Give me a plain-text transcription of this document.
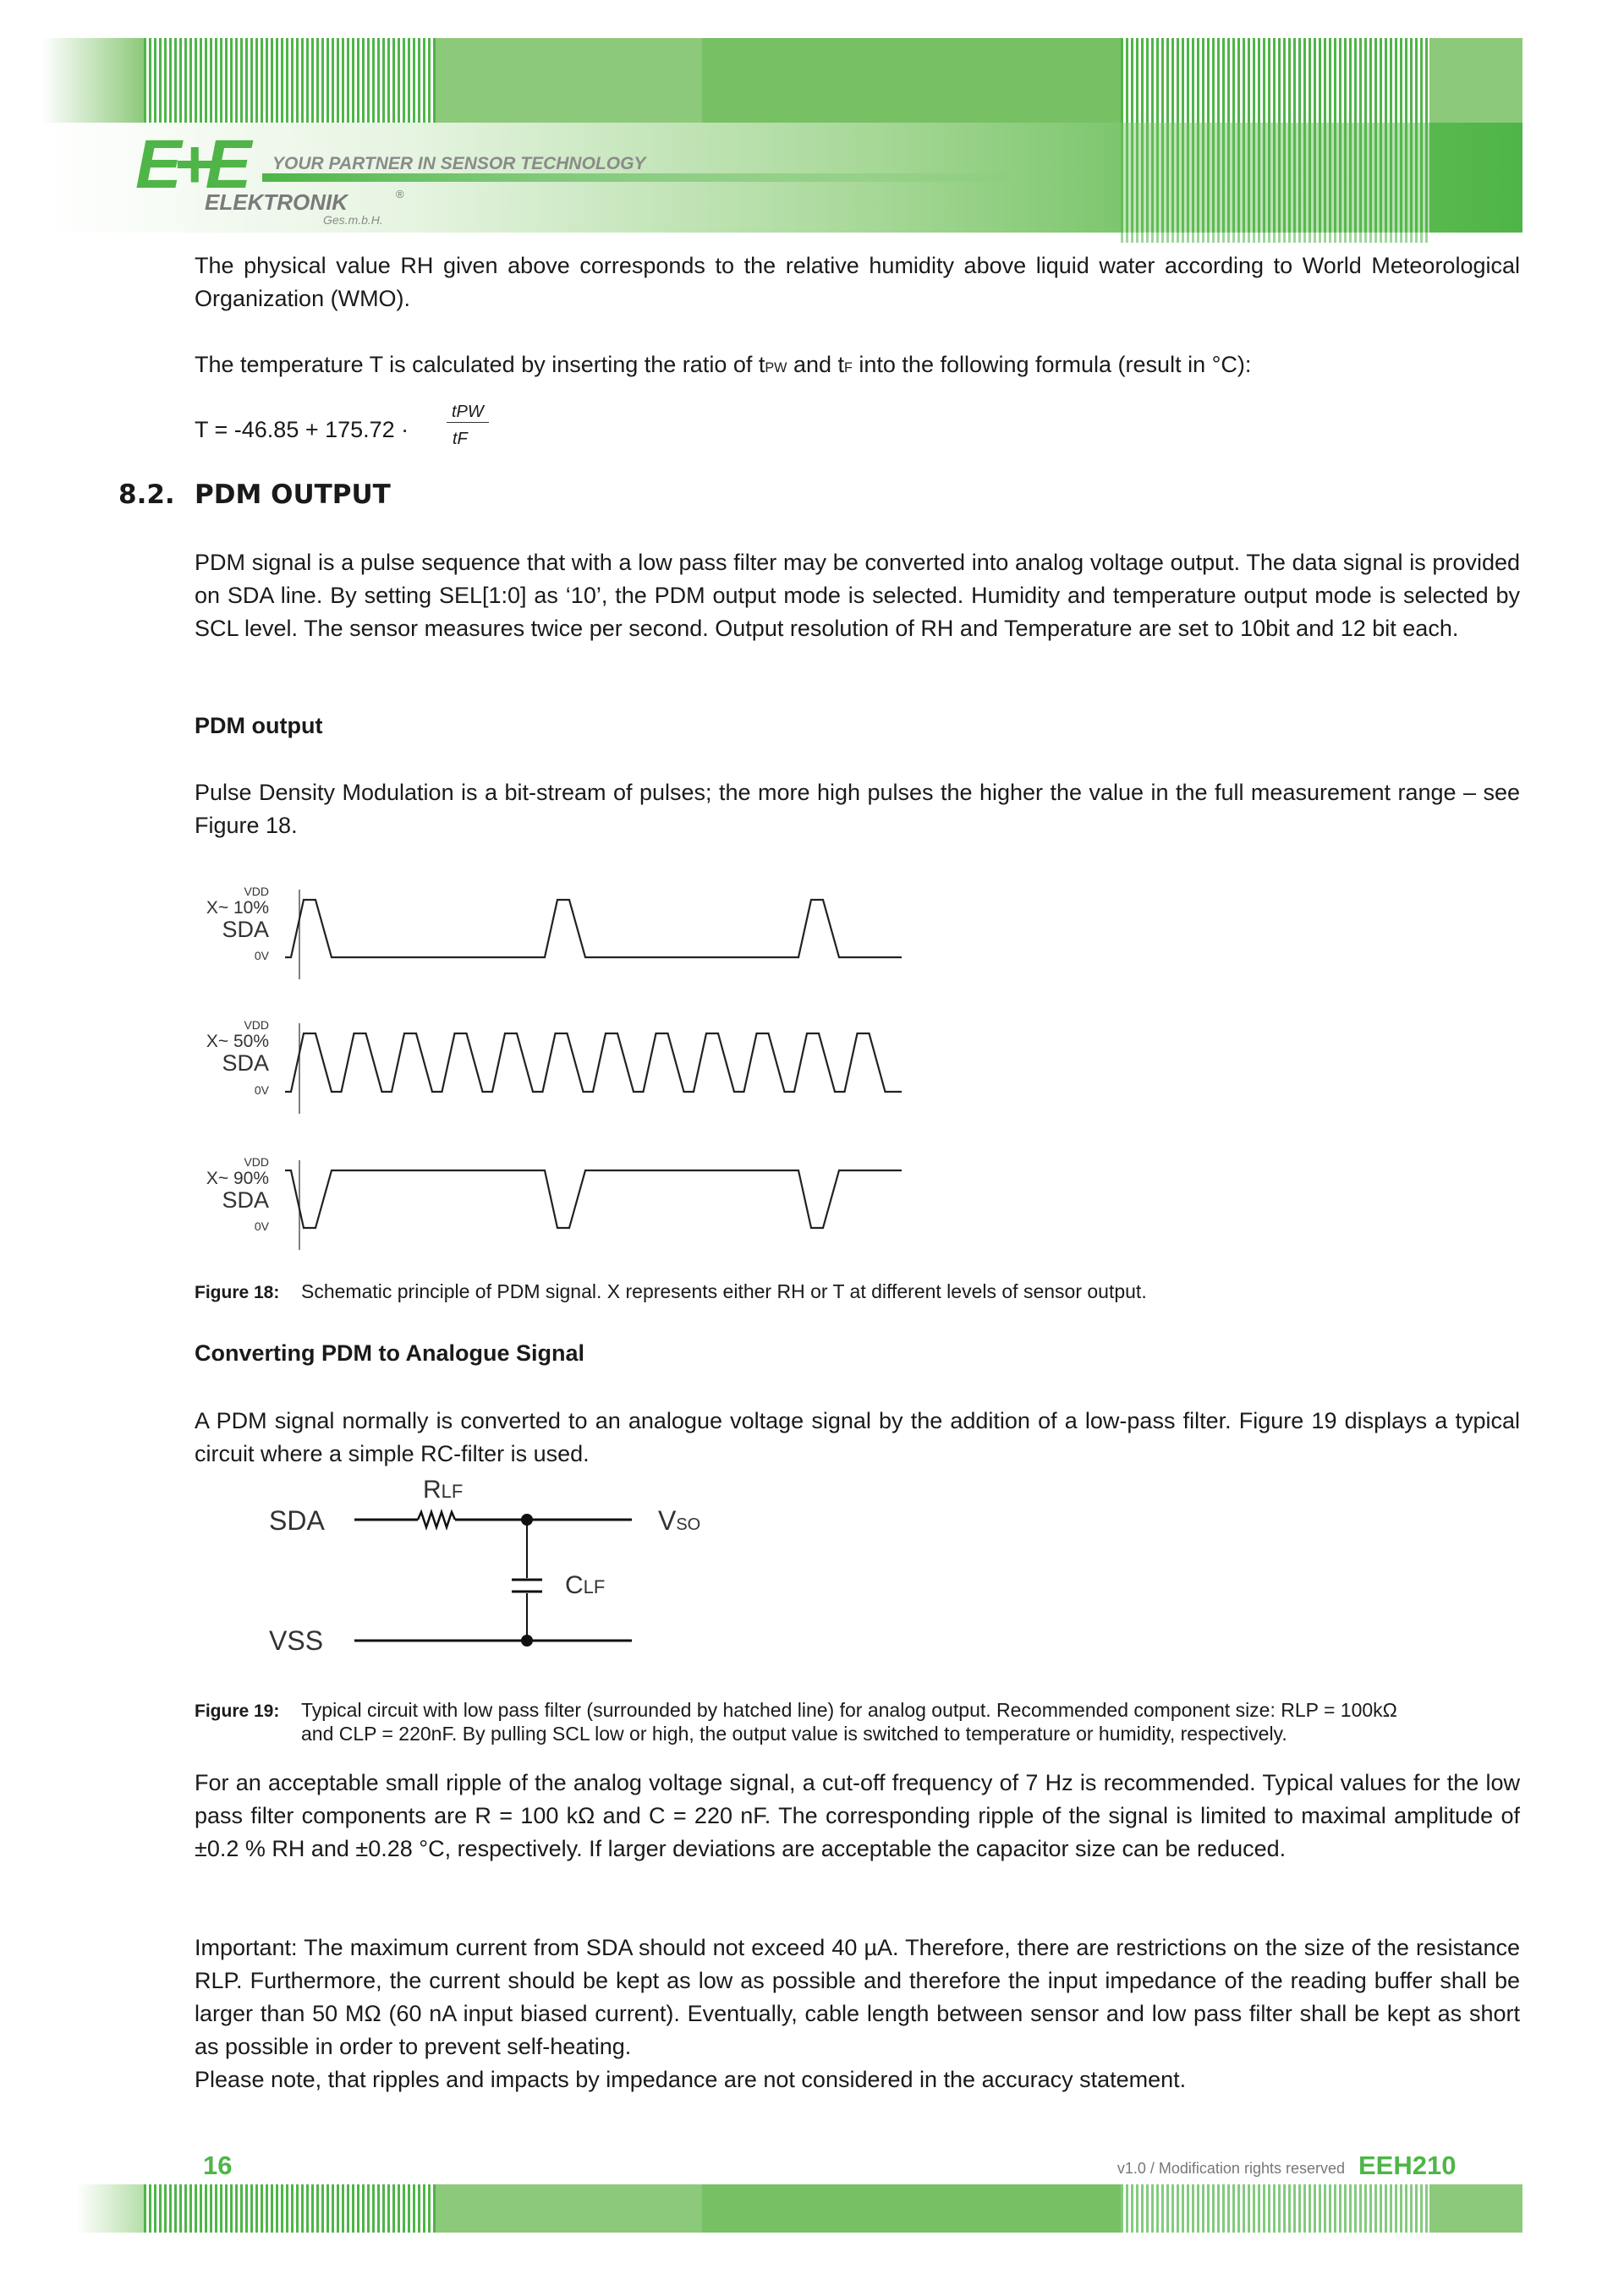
E+E YOUR PARTNER IN SENSOR TECHNOLOGY
ELEKTRONIK	®
Ges.m.b.H.

The physical value RH given above corresponds to the relative humidity above liquid water according to World Meteorological Organization (WMO).

The temperature T is calculated by inserting the ratio of tPW and tF into the following formula (result in °C):

T = -46.85 + 175.72 ·
tPW
tF
8.2. PDM OUTPUT

PDM signal is a pulse sequence that with a low pass filter may be converted into analog voltage output. The data signal is provided on SDA line. By setting SEL[1:0] as ‘10’, the PDM output mode is selected. Humidity and temperature output mode is selected by SCL level. The sensor measures twice per second. Output resolution of RH and Temperature are set to 10bit and 12 bit each.

PDM output

Pulse Density Modulation is a bit-stream of pulses; the more high pulses the higher the value in the full measurement range – see Figure 18.

VDD
X~ 10%
SDA
0V
VDD
X~ 50%
SDA
0V
VDD
X~ 90%
SDA
0V
Figure 18: Schematic principle of PDM signal. X represents either RH or T at different levels of sensor output.
Converting PDM to Analogue Signal

A PDM signal normally is converted to an analogue voltage signal by the addition of a low-pass filter. Figure 19 displays a typical circuit where a simple RC-filter is used.

SDA
VSS
RLF
CLF
VSO
Figure 19: Typical circuit with low pass filter (surrounded by hatched line) for analog output. Recommended component size: RLP = 100kΩ
and CLP = 220nF. By pulling SCL low or high, the output value is switched to temperature or humidity, respectively.

For an acceptable small ripple of the analog voltage signal, a cut-off frequency of 7 Hz is recommended. Typical values for the low pass filter components are R = 100 kΩ and C = 220 nF. The corresponding ripple of the signal is limited to maximal amplitude of ±0.2 % RH and ±0.28 °C, respectively. If larger deviations are acceptable the capacitor size can be reduced.

Important: The maximum current from SDA should not exceed 40 µA. Therefore, there are restrictions on the size of the resistance RLP. Furthermore, the current should be kept as low as possible and therefore the input impedance of the reading buffer shall be larger than 50 MΩ (60 nA input biased current). Eventually, cable length between sensor and low pass filter shall be kept as short as possible in order to prevent self-heating.

Please note, that ripples and impacts by impedance are not considered in the accuracy statement.

16	v1.0 / Modification rights reserved EEH210
